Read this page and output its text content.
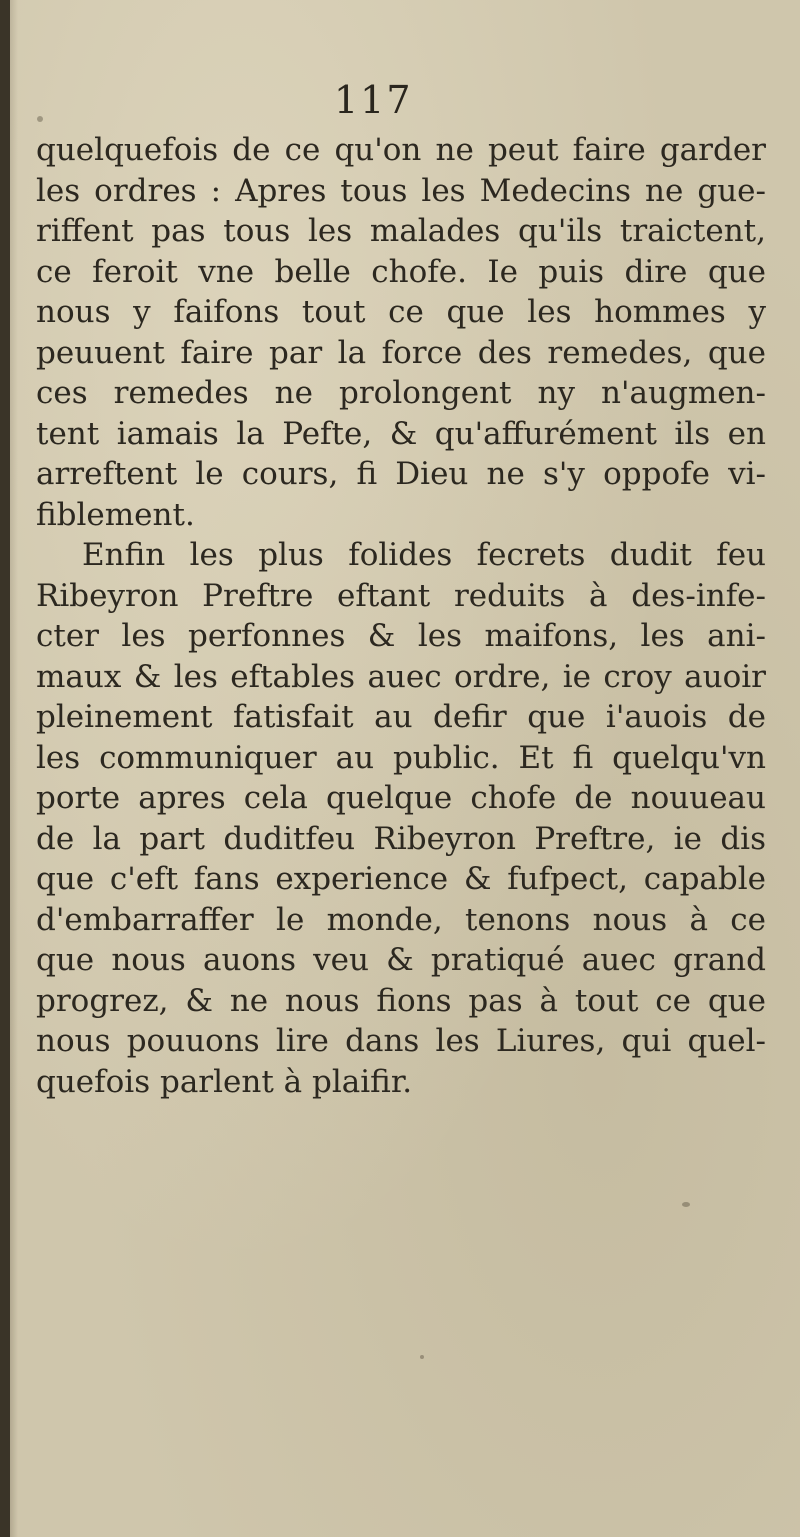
117
quelquefois de ce qu'on ne peut faire garder
les ordres : Apres tous les Medecins ne gue-
riffent pas tous les malades qu'ils traictent,
ce feroit vne belle chofe. Ie puis dire que
nous y faifons tout ce que les hommes y
peuuent faire par la force des remedes, que
ces remedes ne prolongent ny n'augmen-
tent iamais la Pefte, & qu'affurément ils en
arreftent le cours, fi Dieu ne s'y oppofe vi-
fiblement.
Enfin les plus folides fecrets dudit feu
Ribeyron Preftre eftant reduits à des-infe-
cter les perfonnes & les maifons, les ani-
maux & les eftables auec ordre, ie croy auoir
pleinement fatisfait au defir que i'auois de
les communiquer au public. Et fi quelqu'vn
porte apres cela quelque chofe de nouueau
de la part duditfeu Ribeyron Preftre, ie dis
que c'eft fans experience & fufpect, capable
d'embarraffer le monde, tenons nous à ce
que nous auons veu & pratiqué auec grand
progrez, & ne nous fions pas à tout ce que
nous pouuons lire dans les Liures, qui quel-
quefois parlent à plaifir.
